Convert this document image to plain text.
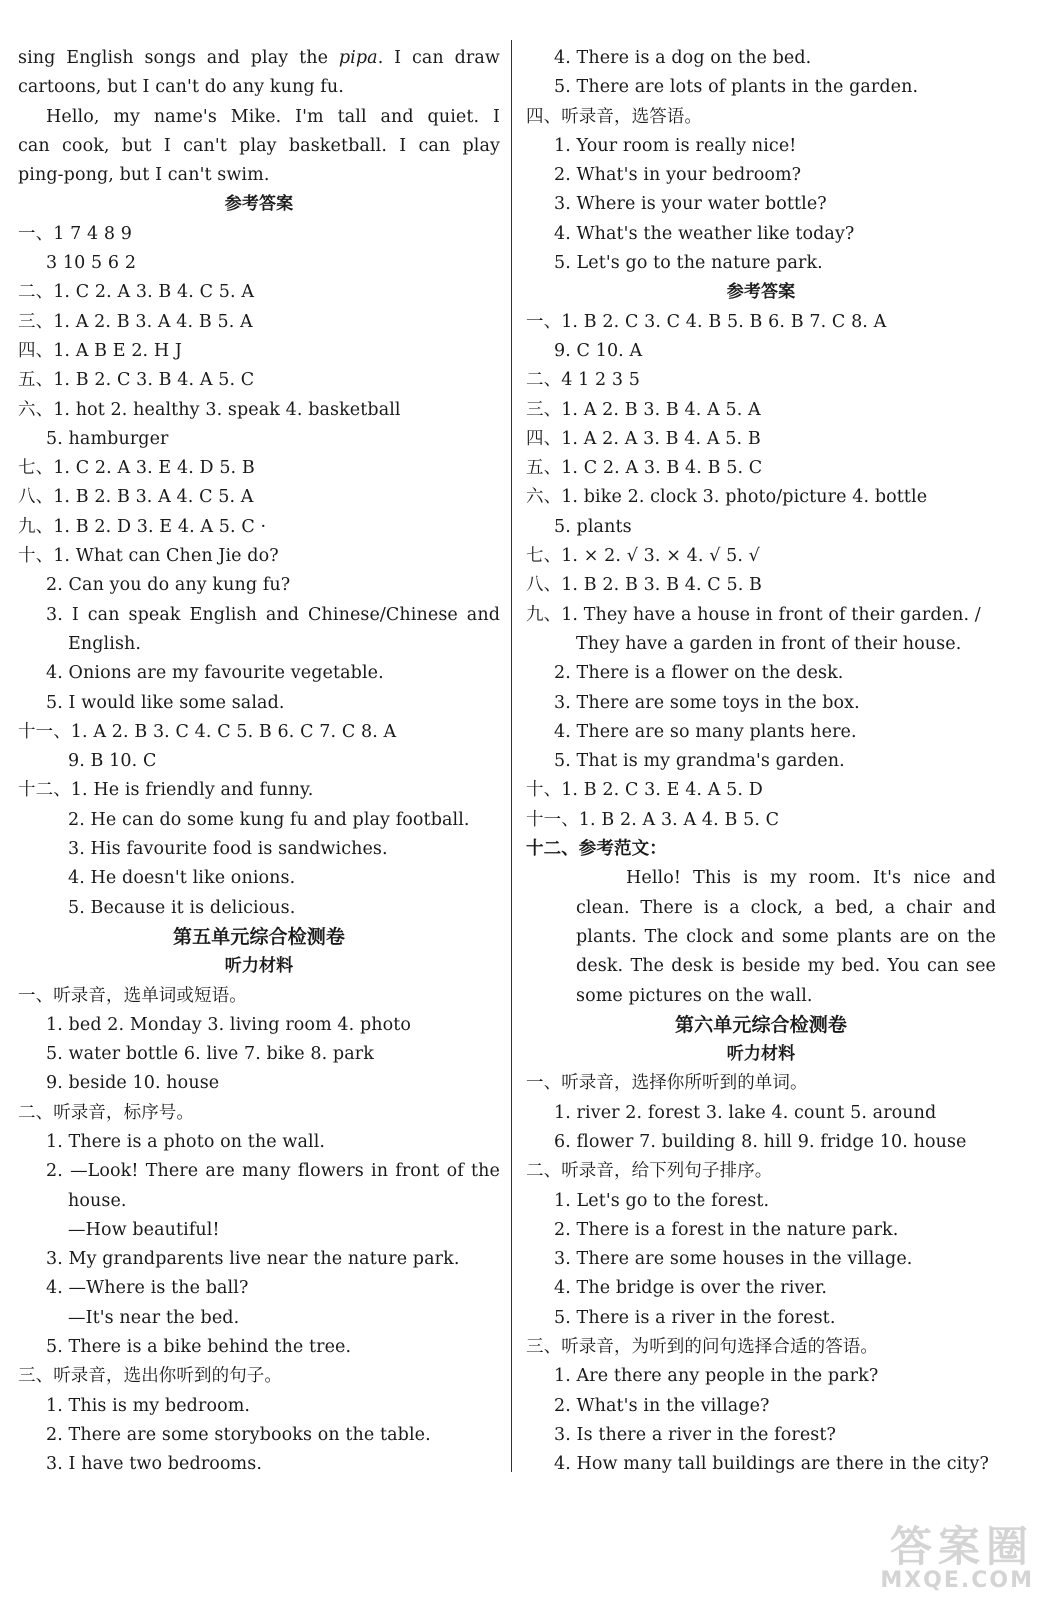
sing English songs and play the pipa. I can draw
cartoons, but I can't do any kung fu.
Hello, my name's Mike. I'm tall and quiet. I
can cook, but I can't play basketball. I can play
ping-pong, but I can't swim.
参考答案
一、1 7 4 8 9
3 10 5 6 2
二、1. C 2. A 3. B 4. C 5. A
三、1. A 2. B 3. A 4. B 5. A
四、1. A B E 2. H J
五、1. B 2. C 3. B 4. A 5. C
六、1. hot 2. healthy 3. speak 4. basketball
5. hamburger
七、1. C 2. A 3. E 4. D 5. B
八、1. B 2. B 3. A 4. C 5. A
九、1. B 2. D 3. E 4. A 5. C ·
十、1. What can Chen Jie do?
2. Can you do any kung fu?
3. I can speak English and Chinese/Chinese and
English.
4. Onions are my favourite vegetable.
5. I would like some salad.
十一、1. A 2. B 3. C 4. C 5. B 6. C 7. C 8. A
9. B 10. C
十二、1. He is friendly and funny.
2. He can do some kung fu and play football.
3. His favourite food is sandwiches.
4. He doesn't like onions.
5. Because it is delicious.
第五单元综合检测卷
听力材料
一、听录音，选单词或短语。
1. bed 2. Monday 3. living room 4. photo
5. water bottle 6. live 7. bike 8. park
9. beside 10. house
二、听录音，标序号。
1. There is a photo on the wall.
2. —Look! There are many flowers in front of the
house.
—How beautiful!
3. My grandparents live near the nature park.
4. —Where is the ball?
—It's near the bed.
5. There is a bike behind the tree.
三、听录音，选出你听到的句子。
1. This is my bedroom.
2. There are some storybooks on the table.
3. I have two bedrooms.
4. There is a dog on the bed.
5. There are lots of plants in the garden.
四、听录音，选答语。
1. Your room is really nice!
2. What's in your bedroom?
3. Where is your water bottle?
4. What's the weather like today?
5. Let's go to the nature park.
参考答案
一、1. B 2. C 3. C 4. B 5. B 6. B 7. C 8. A
9. C 10. A
二、4 1 2 3 5
三、1. A 2. B 3. B 4. A 5. A
四、1. A 2. A 3. B 4. A 5. B
五、1. C 2. A 3. B 4. B 5. C
六、1. bike 2. clock 3. photo/picture 4. bottle
5. plants
七、1. × 2. √ 3. × 4. √ 5. √
八、1. B 2. B 3. B 4. C 5. B
九、1. They have a house in front of their garden. /
They have a garden in front of their house.
2. There is a flower on the desk.
3. There are some toys in the box.
4. There are so many plants here.
5. That is my grandma's garden.
十、1. B 2. C 3. E 4. A 5. D
十一、1. B 2. A 3. A 4. B 5. C
十二、参考范文：
Hello! This is my room. It's nice and
clean. There is a clock, a bed, a chair and
plants. The clock and some plants are on the
desk. The desk is beside my bed. You can see
some pictures on the wall.
第六单元综合检测卷
听力材料
一、听录音，选择你所听到的单词。
1. river 2. forest 3. lake 4. count 5. around
6. flower 7. building 8. hill 9. fridge 10. house
二、听录音，给下列句子排序。
1. Let's go to the forest.
2. There is a forest in the nature park.
3. There are some houses in the village.
4. The bridge is over the river.
5. There is a river in the forest.
三、听录音，为听到的问句选择合适的答语。
1. Are there any people in the park?
2. What's in the village?
3. Is there a river in the forest?
4. How many tall buildings are there in the city?
答案圈
MXQE.COM
